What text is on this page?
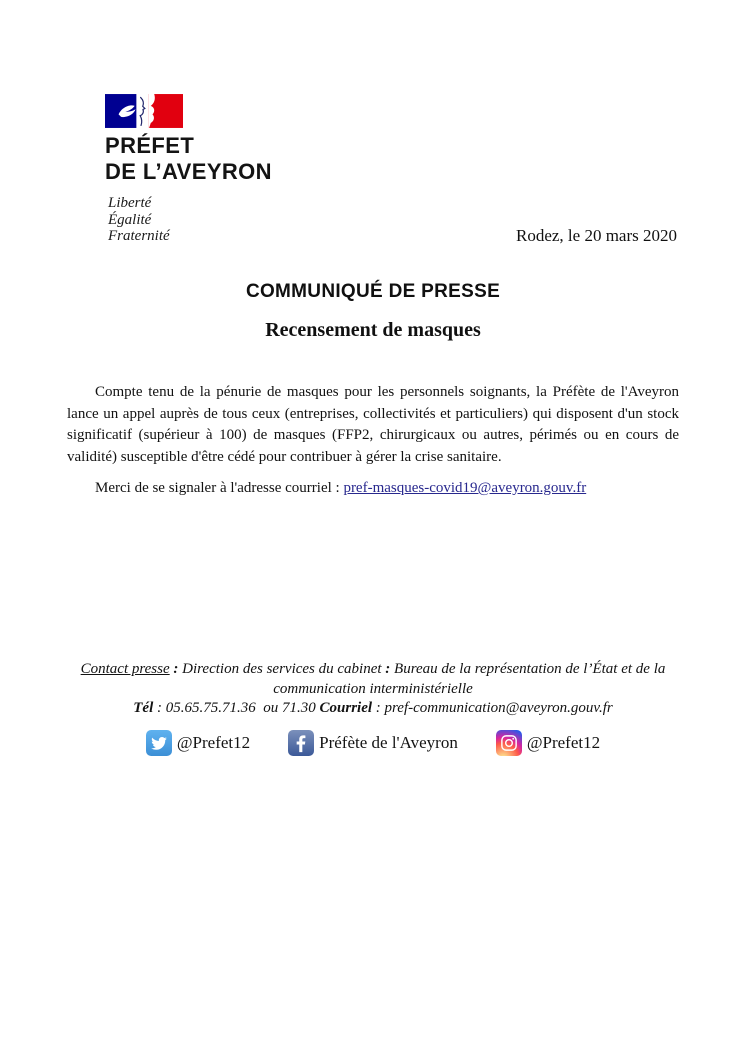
PRÉFET
DE L’AVEYRON
Liberté
Égalité
Fraternité	Rodez, le 20 mars 2020
COMMUNIQUÉ DE PRESSE
Recensement de masques
Compte tenu de la pénurie de masques pour les personnels soignants, la Préfète de l'Aveyron
lance un appel auprès de tous ceux (entreprises, collectivités et particuliers) qui disposent d'un stock
significatif (supérieur à 100) de masques (FFP2, chirurgicaux ou autres, périmés ou en cours de
validité) susceptible d'être cédé pour contribuer à gérer la crise sanitaire.
Merci de se signaler à l'adresse courriel : pref-masques-covid19@aveyron.gouv.fr
Contact presse : Direction des services du cabinet : Bureau de la représentation de l’État et de la
communication interministérielle
Tél : 05.65.75.71.36  ou 71.30 Courriel : pref-communication@aveyron.gouv.fr
@Prefet12	Préfète de l'Aveyron	@Prefet12
